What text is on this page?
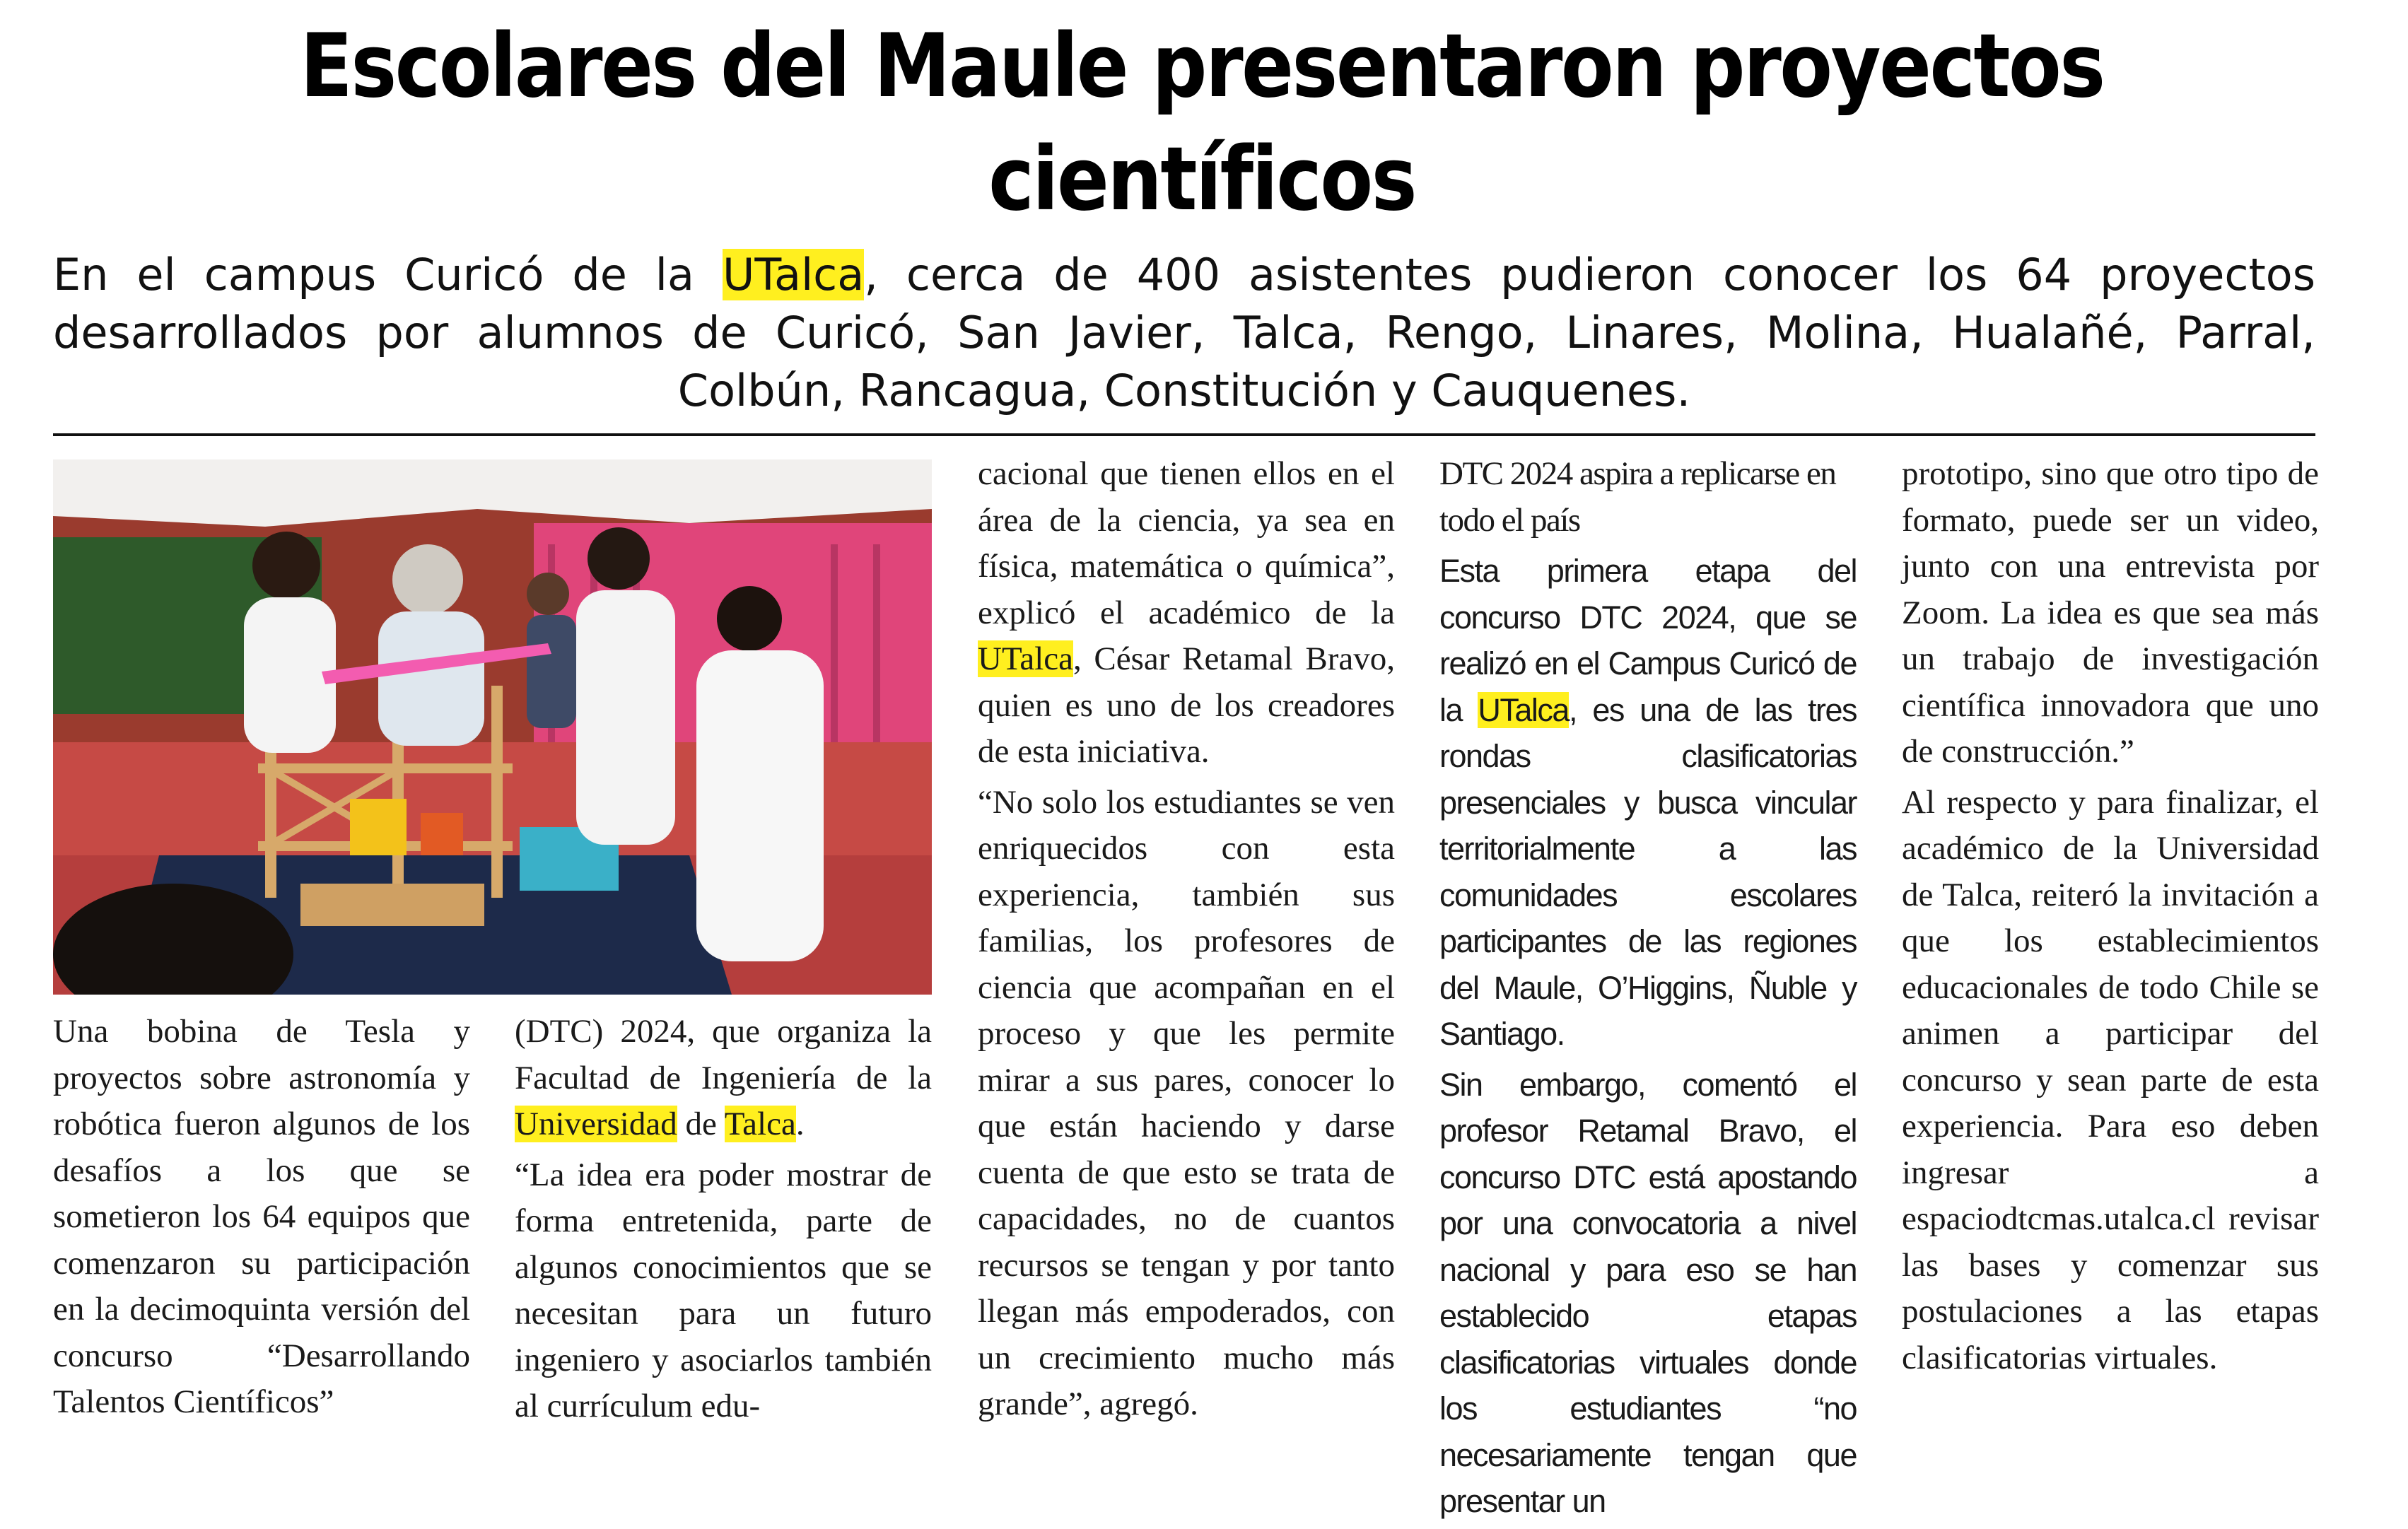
Escolares del Maule presentaron proyectos científicos

En el campus Curicó de la UTalca, cerca de 400 asistentes pudieron conocer los 64 proyectos desarrollados por alumnos de Curicó, San Javier, Talca, Rengo, Linares, Molina, Hualañé, Parral, Colbún, Rancagua, Constitución y Cauquenes.

Una bobina de Tesla y proyectos sobre astronomía y robótica fueron algunos de los desafíos a los que se sometieron los 64 equipos que comenzaron su participación en la decimoquinta versión del concurso “Desarrollando Talentos Científicos”

(DTC) 2024, que organiza la Facultad de Ingeniería de la Universidad de Talca.

“La idea era poder mostrar de forma entretenida, parte de algunos conocimientos que se necesitan para un futuro ingeniero y asociarlos también al currículum edu-

cacional que tienen ellos en el área de la ciencia, ya sea en física, matemática o química”, explicó el académico de la UTalca, César Retamal Bravo, quien es uno de los creadores de esta iniciativa.

“No solo los estudiantes se ven enriquecidos con esta experiencia, también sus familias, los profesores de ciencia que acompañan en el proceso y que les permite mirar a sus pares, conocer lo que están haciendo y darse cuenta de que esto se trata de capacidades, no de cuantos recursos se tengan y por tanto llegan más empoderados, con un crecimiento mucho más grande”, agregó.

DTC 2024 aspira a replicarse en todo el país

Esta primera etapa del concurso DTC 2024, que se realizó en el Campus Curicó de la UTalca, es una de las tres rondas clasificatorias presenciales y busca vincular territorialmente a las comunidades escolares participantes de las regiones del Maule, O’Higgins, Ñuble y Santiago.

Sin embargo, comentó el profesor Retamal Bravo, el concurso DTC está apostando por una convocatoria a nivel nacional y para eso se han establecido etapas clasificatorias virtuales donde los estudiantes “no necesariamente tengan que presentar un

prototipo, sino que otro tipo de formato, puede ser un video, junto con una entrevista por Zoom. La idea es que sea más un trabajo de investigación científica innovadora que uno de construcción.”

Al respecto y para finalizar, el académico de la Universidad de Talca, reiteró la invitación a que los establecimientos educacionales de todo Chile se animen a participar del concurso y sean parte de esta experiencia. Para eso deben ingresar a espaciodtcmas.utalca.cl revisar las bases y comenzar sus postulaciones a las etapas clasificatorias virtuales.
